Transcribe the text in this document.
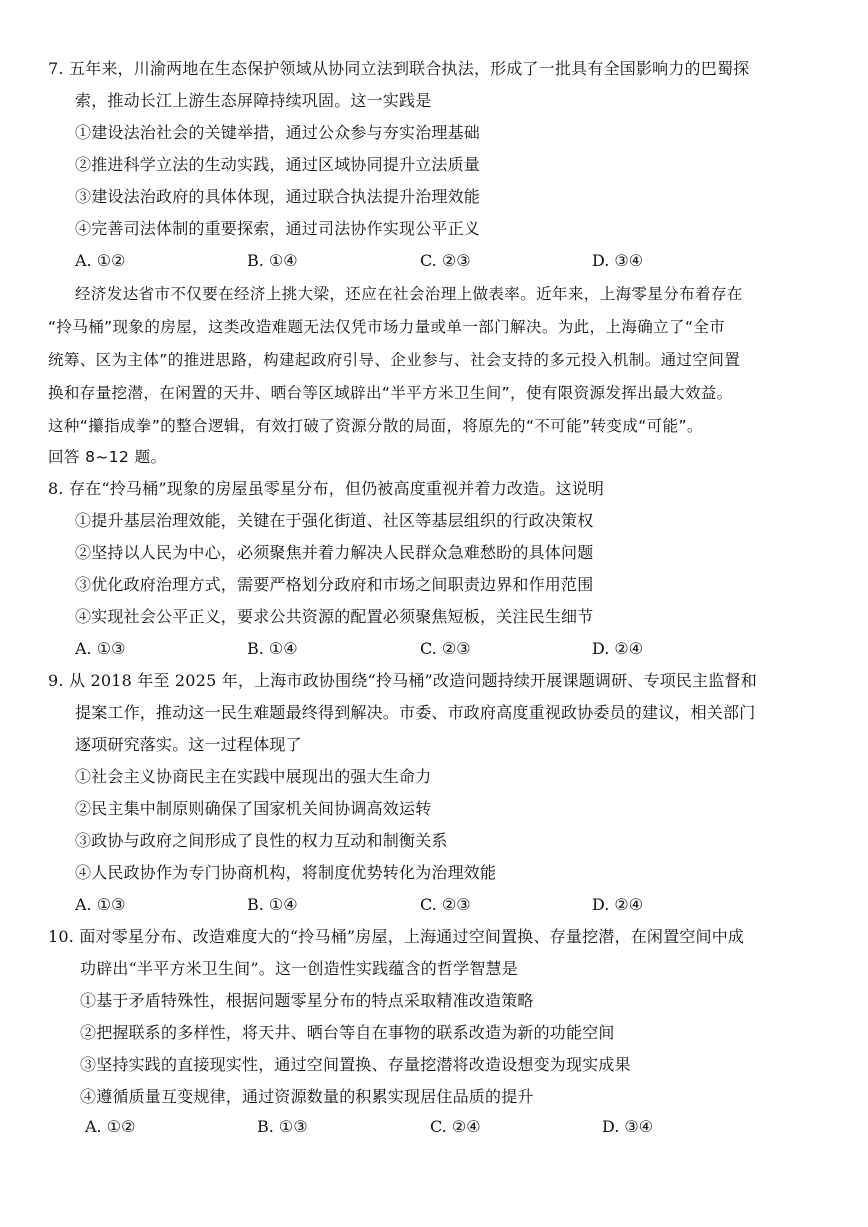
7. 五年来，川渝两地在生态保护领域从协同立法到联合执法，形成了一批具有全国影响力的巴蜀探
索，推动长江上游生态屏障持续巩固。这一实践是
①建设法治社会的关键举措，通过公众参与夯实治理基础
②推进科学立法的生动实践，通过区域协同提升立法质量
③建设法治政府的具体体现，通过联合执法提升治理效能
④完善司法体制的重要探索，通过司法协作实现公平正义
A. ①②	B. ①④	C. ②③	D. ③④
经济发达省市不仅要在经济上挑大梁，还应在社会治理上做表率。近年来，上海零星分布着存在
“拎马桶”现象的房屋，这类改造难题无法仅凭市场力量或单一部门解决。为此，上海确立了“全市
统筹、区为主体”的推进思路，构建起政府引导、企业参与、社会支持的多元投入机制。通过空间置
换和存量挖潜，在闲置的天井、晒台等区域辟出“半平方米卫生间”，使有限资源发挥出最大效益。
这种“攥指成拳”的整合逻辑，有效打破了资源分散的局面，将原先的“不可能”转变成“可能”。
回答 8~12 题。
8. 存在“拎马桶”现象的房屋虽零星分布，但仍被高度重视并着力改造。这说明
①提升基层治理效能，关键在于强化街道、社区等基层组织的行政决策权
②坚持以人民为中心，必须聚焦并着力解决人民群众急难愁盼的具体问题
③优化政府治理方式，需要严格划分政府和市场之间职责边界和作用范围
④实现社会公平正义，要求公共资源的配置必须聚焦短板，关注民生细节
A. ①③	B. ①④	C. ②③	D. ②④
9. 从 2018 年至 2025 年，上海市政协围绕“拎马桶”改造问题持续开展课题调研、专项民主监督和
提案工作，推动这一民生难题最终得到解决。市委、市政府高度重视政协委员的建议，相关部门
逐项研究落实。这一过程体现了
①社会主义协商民主在实践中展现出的强大生命力
②民主集中制原则确保了国家机关间协调高效运转
③政协与政府之间形成了良性的权力互动和制衡关系
④人民政协作为专门协商机构，将制度优势转化为治理效能
A. ①③	B. ①④	C. ②③	D. ②④
10. 面对零星分布、改造难度大的“拎马桶”房屋，上海通过空间置换、存量挖潜，在闲置空间中成
功辟出“半平方米卫生间”。这一创造性实践蕴含的哲学智慧是
①基于矛盾特殊性，根据问题零星分布的特点采取精准改造策略
②把握联系的多样性，将天井、晒台等自在事物的联系改造为新的功能空间
③坚持实践的直接现实性，通过空间置换、存量挖潜将改造设想变为现实成果
④遵循质量互变规律，通过资源数量的积累实现居住品质的提升
A. ①②	B. ①③	C. ②④	D. ③④
